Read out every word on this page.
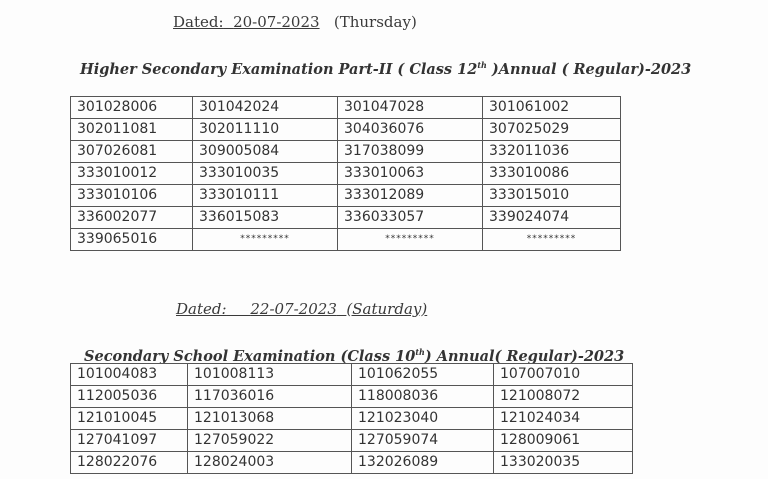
Dated: 20-07-2023 (Thursday)
Higher Secondary Examination Part-II ( Class 12th )Annual ( Regular)-2023
301028006	301042024	301047028	301061002
302011081	302011110	304036076	307025029
307026081	309005084	317038099	332011036
333010012	333010035	333010063	333010086
333010106	333010111	333012089	333015010
336002077	336015083	336033057	339024074
339065016	*********	*********	*********
Dated: 22-07-2023 (Saturday)
Secondary School Examination (Class 10th) Annual( Regular)-2023
101004083	101008113	101062055	107007010
112005036	117036016	118008036	121008072
121010045	121013068	121023040	121024034
127041097	127059022	127059074	128009061
128022076	128024003	132026089	133020035
